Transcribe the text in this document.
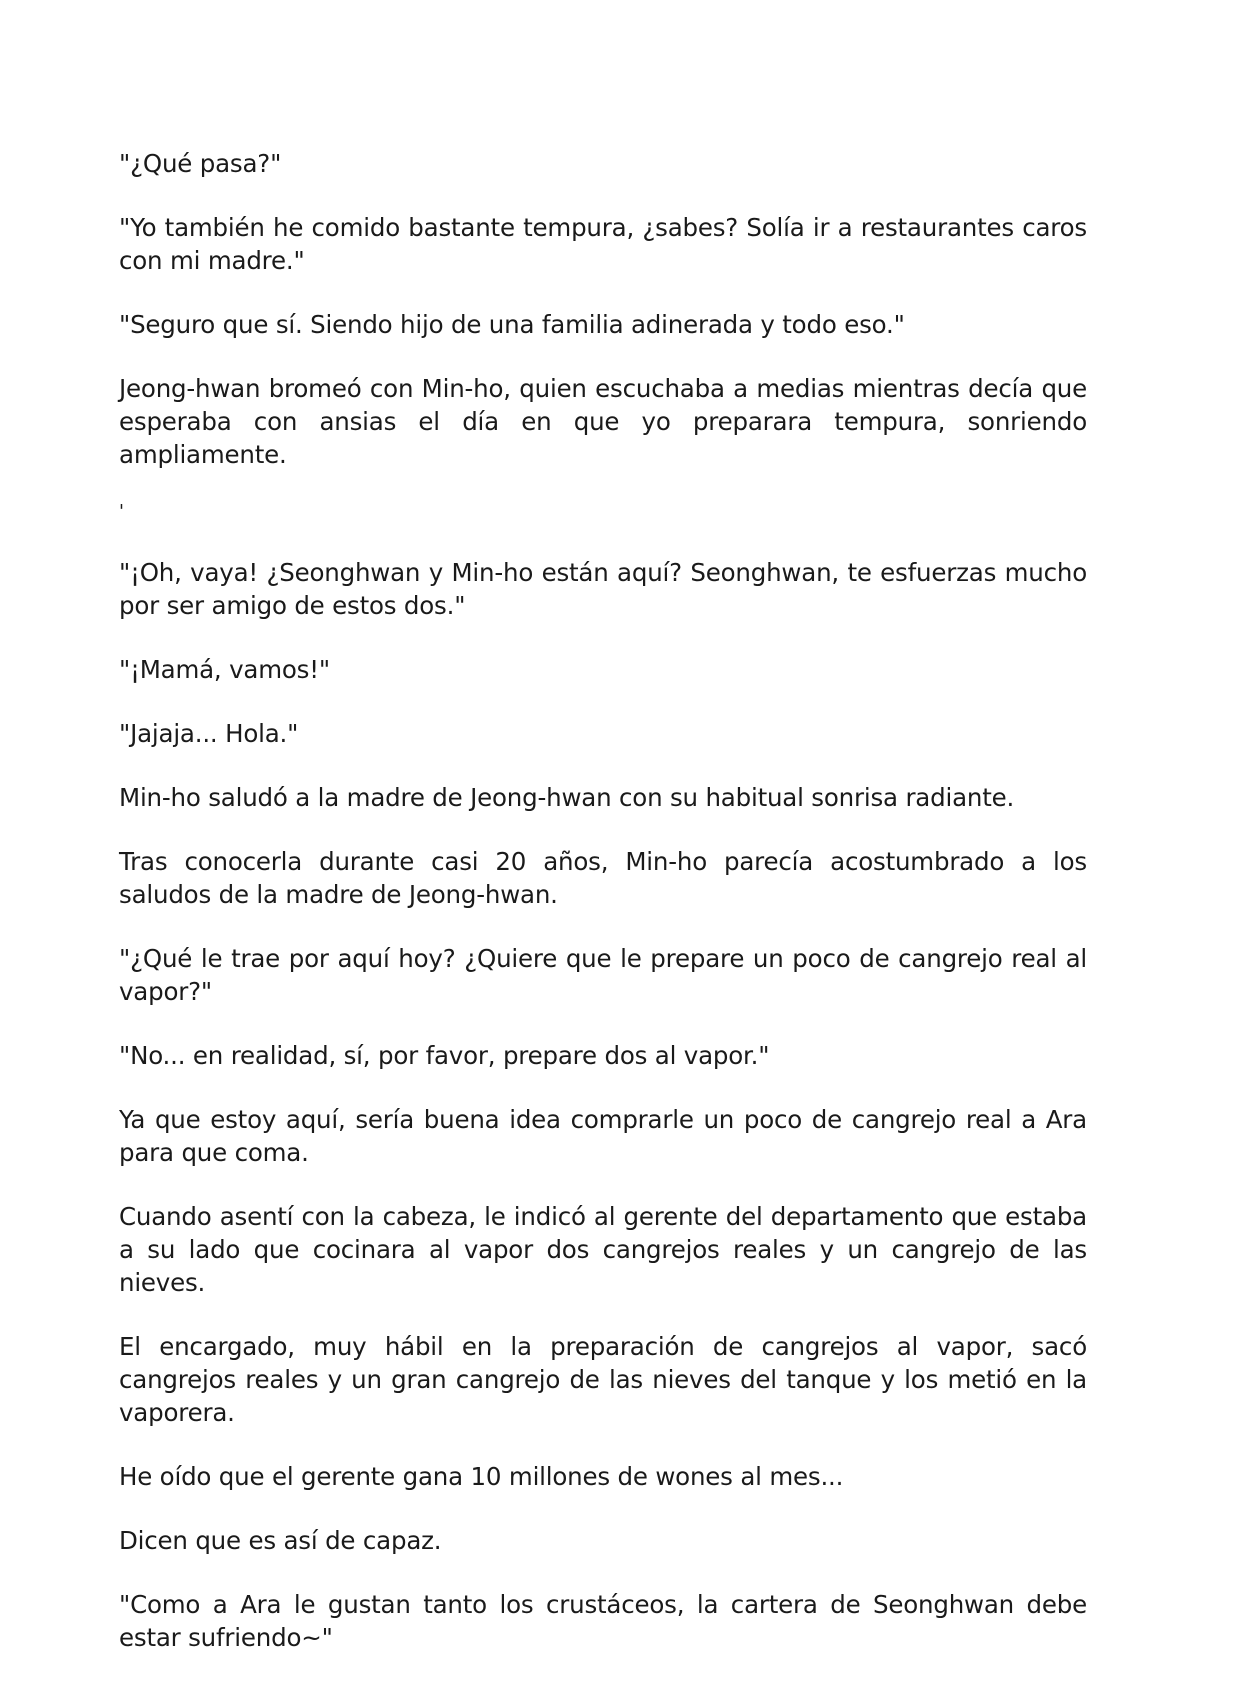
"¿Qué pasa?"

"Yo también he comido bastante tempura, ¿sabes? Solía ir a restaurantes caros con mi madre."

"Seguro que sí. Siendo hijo de una familia adinerada y todo eso."

Jeong-hwan bromeó con Min-ho, quien escuchaba a medias mientras decía que esperaba con ansias el día en que yo preparara tempura, sonriendo ampliamente.

'

"¡Oh, vaya! ¿Seonghwan y Min-ho están aquí? Seonghwan, te esfuerzas mucho por ser amigo de estos dos."

"¡Mamá, vamos!"

"Jajaja... Hola."

Min-ho saludó a la madre de Jeong-hwan con su habitual sonrisa radiante.

Tras conocerla durante casi 20 años, Min-ho parecía acostumbrado a los saludos de la madre de Jeong-hwan.

"¿Qué le trae por aquí hoy? ¿Quiere que le prepare un poco de cangrejo real al vapor?"

"No... en realidad, sí, por favor, prepare dos al vapor."

Ya que estoy aquí, sería buena idea comprarle un poco de cangrejo real a Ara para que coma.

Cuando asentí con la cabeza, le indicó al gerente del departamento que estaba a su lado que cocinara al vapor dos cangrejos reales y un cangrejo de las nieves.

El encargado, muy hábil en la preparación de cangrejos al vapor, sacó cangrejos reales y un gran cangrejo de las nieves del tanque y los metió en la vaporera.

He oído que el gerente gana 10 millones de wones al mes...

Dicen que es así de capaz.

"Como a Ara le gustan tanto los crustáceos, la cartera de Seonghwan debe estar sufriendo~"
